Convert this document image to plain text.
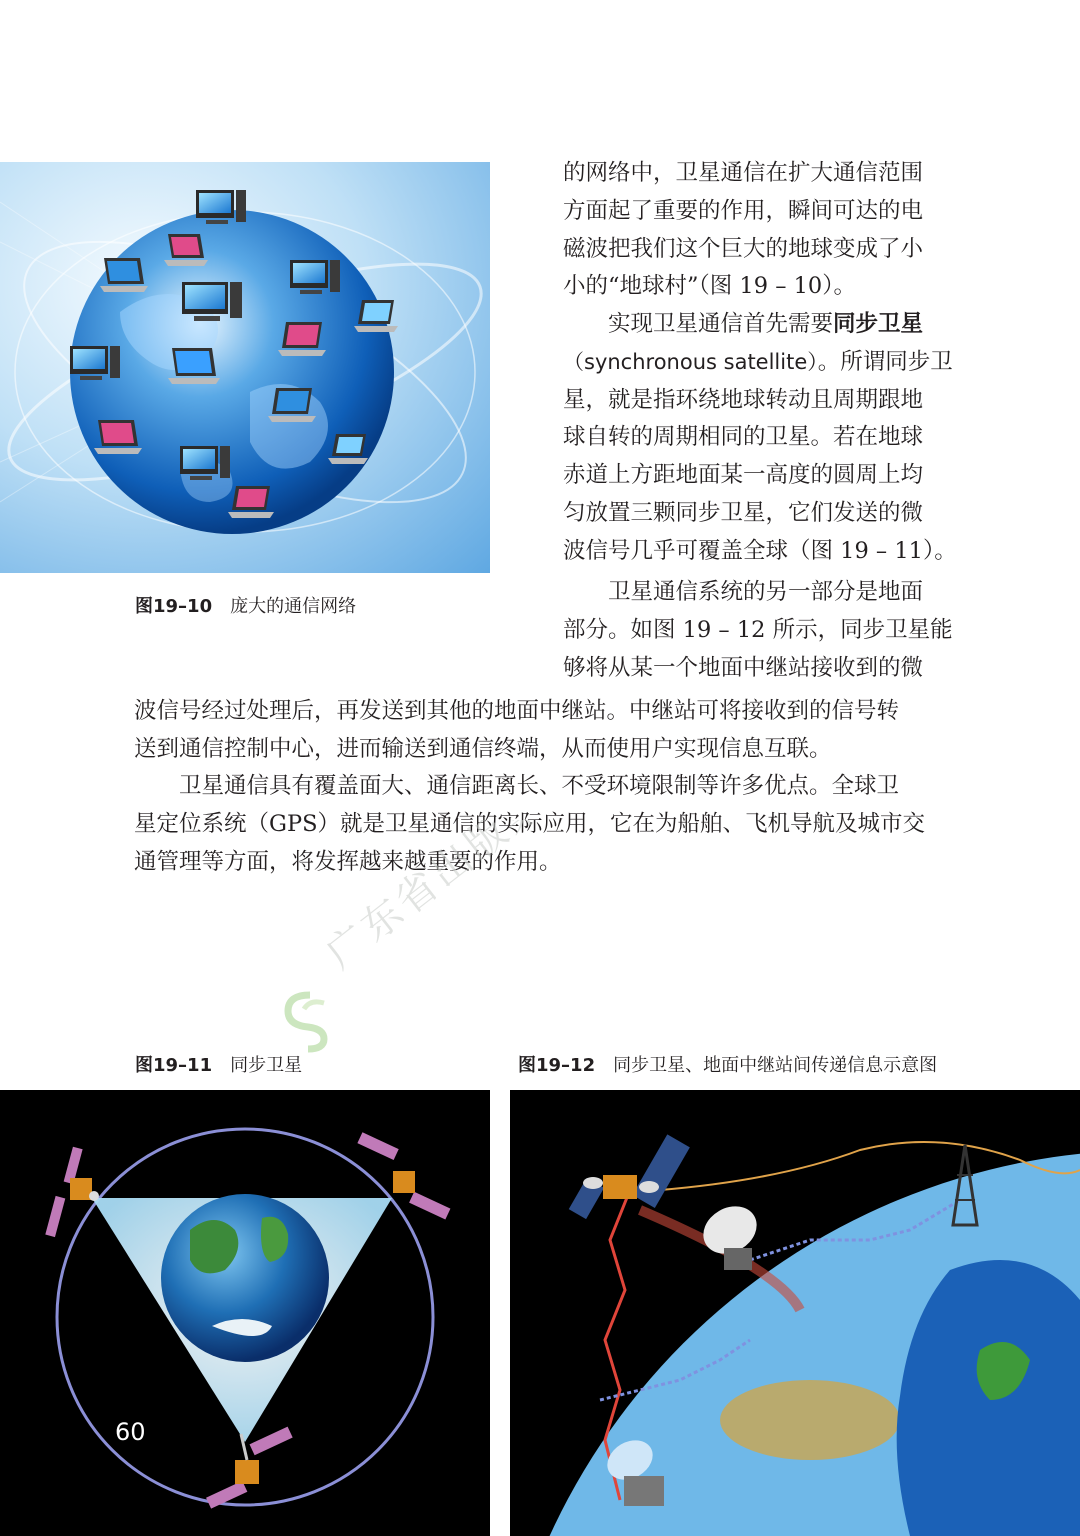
图19–10 庞大的通信网络
的网络中，卫星通信在扩大通信范围
方面起了重要的作用，瞬间可达的电
磁波把我们这个巨大的地球变成了小
小的“地球村”（图 19 – 10）。
实现卫星通信首先需要同步卫星
（synchronous satellite）。所谓同步卫
星，就是指环绕地球转动且周期跟地
球自转的周期相同的卫星。若在地球
赤道上方距地面某一高度的圆周上均
匀放置三颗同步卫星，它们发送的微
波信号几乎可覆盖全球（图 19 – 11）。
卫星通信系统的另一部分是地面
部分。如图 19 – 12 所示，同步卫星能
够将从某一个地面中继站接收到的微
波信号经过处理后，再发送到其他的地面中继站。中继站可将接收到的信号转
送到通信控制中心，进而输送到通信终端，从而使用户实现信息互联。
卫星通信具有覆盖面大、通信距离长、不受环境限制等许多优点。全球卫
星定位系统（GPS）就是卫星通信的实际应用，它在为船舶、飞机导航及城市交
通管理等方面，将发挥越来越重要的作用。
图19–11 同步卫星	图19–12 同步卫星、地面中继站间传递信息示意图
60
